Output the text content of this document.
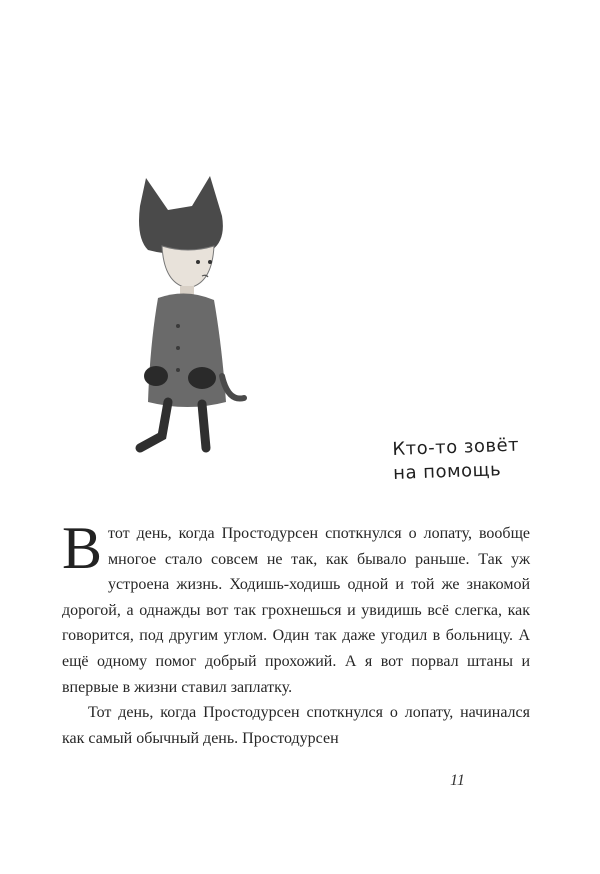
Кто-то зовёт
на помощь

В тот день, когда Простодурсен споткнулся о лопату, вообще многое стало совсем не так, как бывало раньше. Так уж устроена жизнь. Ходишь-ходишь одной и той же знакомой дорогой, а однажды вот так грохнешься и увидишь всё слегка, как говорится, под другим углом. Один так даже угодил в больницу. А ещё одному помог добрый прохожий. А я вот порвал штаны и впервые в жизни ставил заплатку.

Тот день, когда Простодурсен споткнулся о лопату, начинался как самый обычный день. Простодурсен

11
